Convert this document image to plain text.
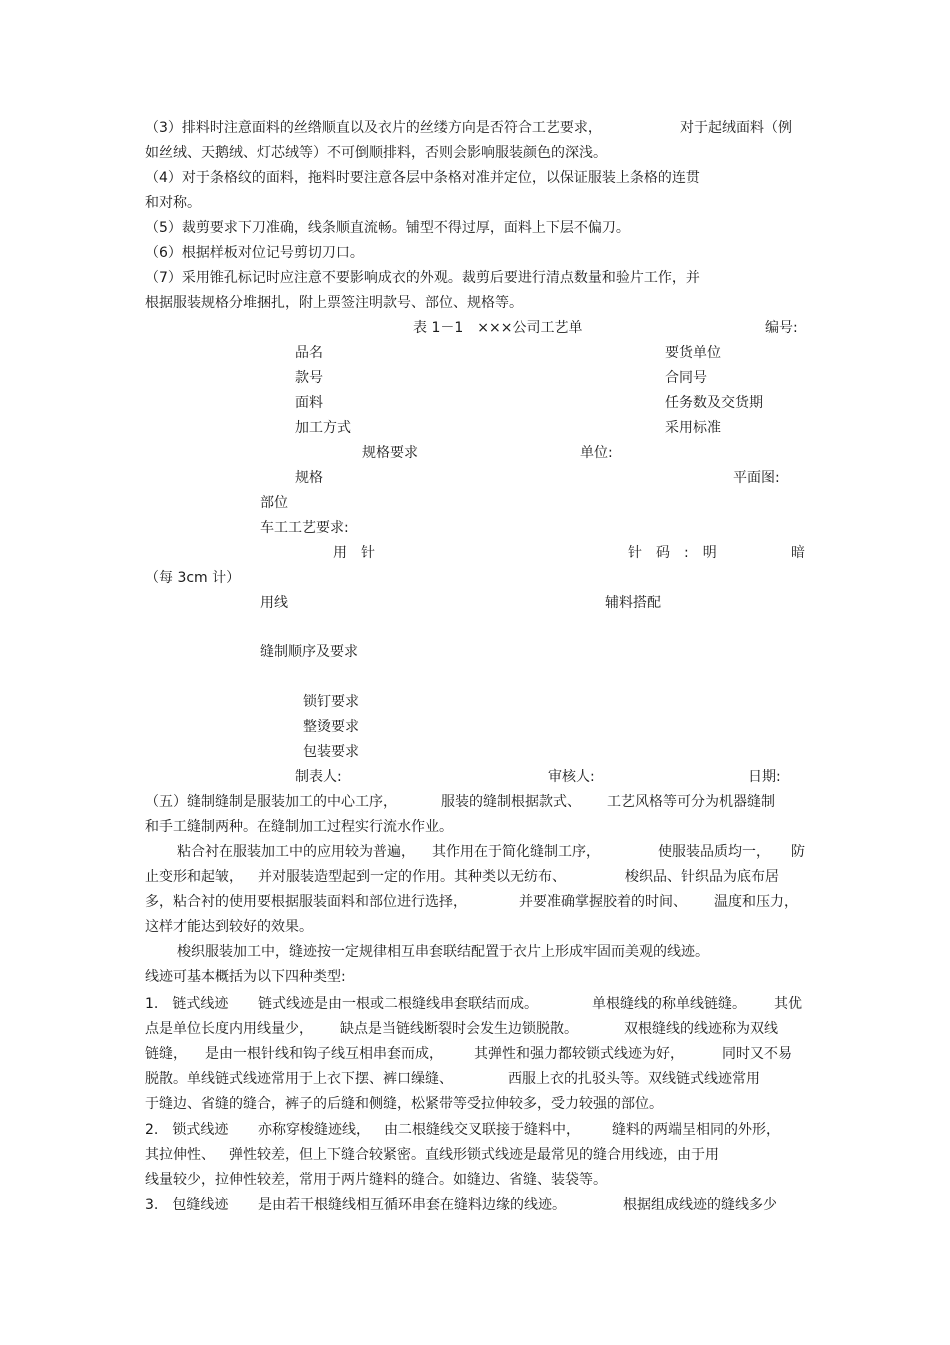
（3）排料时注意面料的丝绺顺直以及衣片的丝缕方向是否符合工艺要求，	对于起绒面料（例
如丝绒、天鹅绒、灯芯绒等）不可倒顺排料，否则会影响服装颜色的深浅。
（4）对于条格纹的面料，拖料时要注意各层中条格对准并定位，以保证服装上条格的连贯
和对称。
（5）裁剪要求下刀准确，线条顺直流畅。铺型不得过厚，面料上下层不偏刀。
（6）根据样板对位记号剪切刀口。
（7）采用锥孔标记时应注意不要影响成衣的外观。裁剪后要进行清点数量和验片工作，并
根据服装规格分堆捆扎，附上票签注明款号、部位、规格等。
表 1－1　×××公司工艺单	编号:
品名	要货单位
款号	合同号
面料	任务数及交货期
加工方式	采用标准
规格要求	单位:
规格	平面图:
部位
车工工艺要求:
用　针	针　码　:　明	暗
（每 3cm 计）
用线	辅料搭配
缝制顺序及要求
锁钉要求
整烫要求
包装要求
制表人:	审核人:	日期:
（五）缝制缝制是服装加工的中心工序，	服装的缝制根据款式、 工艺风格等可分为机器缝制
和手工缝制两种。在缝制加工过程实行流水作业。
粘合衬在服装加工中的应用较为普遍， 其作用在于简化缝制工序，	使服装品质均一， 防
止变形和起皱， 并对服装造型起到一定的作用。其种类以无纺布、	梭织品、针织品为底布居
多，粘合衬的使用要根据服装面料和部位进行选择，	并要准确掌握胶着的时间、 温度和压力，
这样才能达到较好的效果。
梭织服装加工中，缝迹按一定规律相互串套联结配置于衣片上形成牢固而美观的线迹。
线迹可基本概括为以下四种类型:
1.　链式线迹 链式线迹是由一根或二根缝线串套联结而成。	单根缝线的称单线链缝。 其优
点是单位长度内用线量少， 缺点是当链线断裂时会发生边锁脱散。	双根缝线的线迹称为双线
链缝， 是由一根针线和钩子线互相串套而成， 其弹性和强力都较锁式线迹为好，	同时又不易
脱散。单线链式线迹常用于上衣下摆、裤口缲缝、	西服上衣的扎驳头等。双线链式线迹常用
于缝边、省缝的缝合，裤子的后缝和侧缝，松紧带等受拉伸较多，受力较强的部位。
2.　锁式线迹 亦称穿梭缝迹线， 由二根缝线交叉联接于缝料中， 缝料的两端呈相同的外形，
其拉伸性、 弹性较差，但上下缝合较紧密。直线形锁式线迹是最常见的缝合用线迹，由于用
线量较少，拉伸性较差，常用于两片缝料的缝合。如缝边、省缝、装袋等。
3.　包缝线迹 是由若干根缝线相互循环串套在缝料边缘的线迹。	根据组成线迹的缝线多少
